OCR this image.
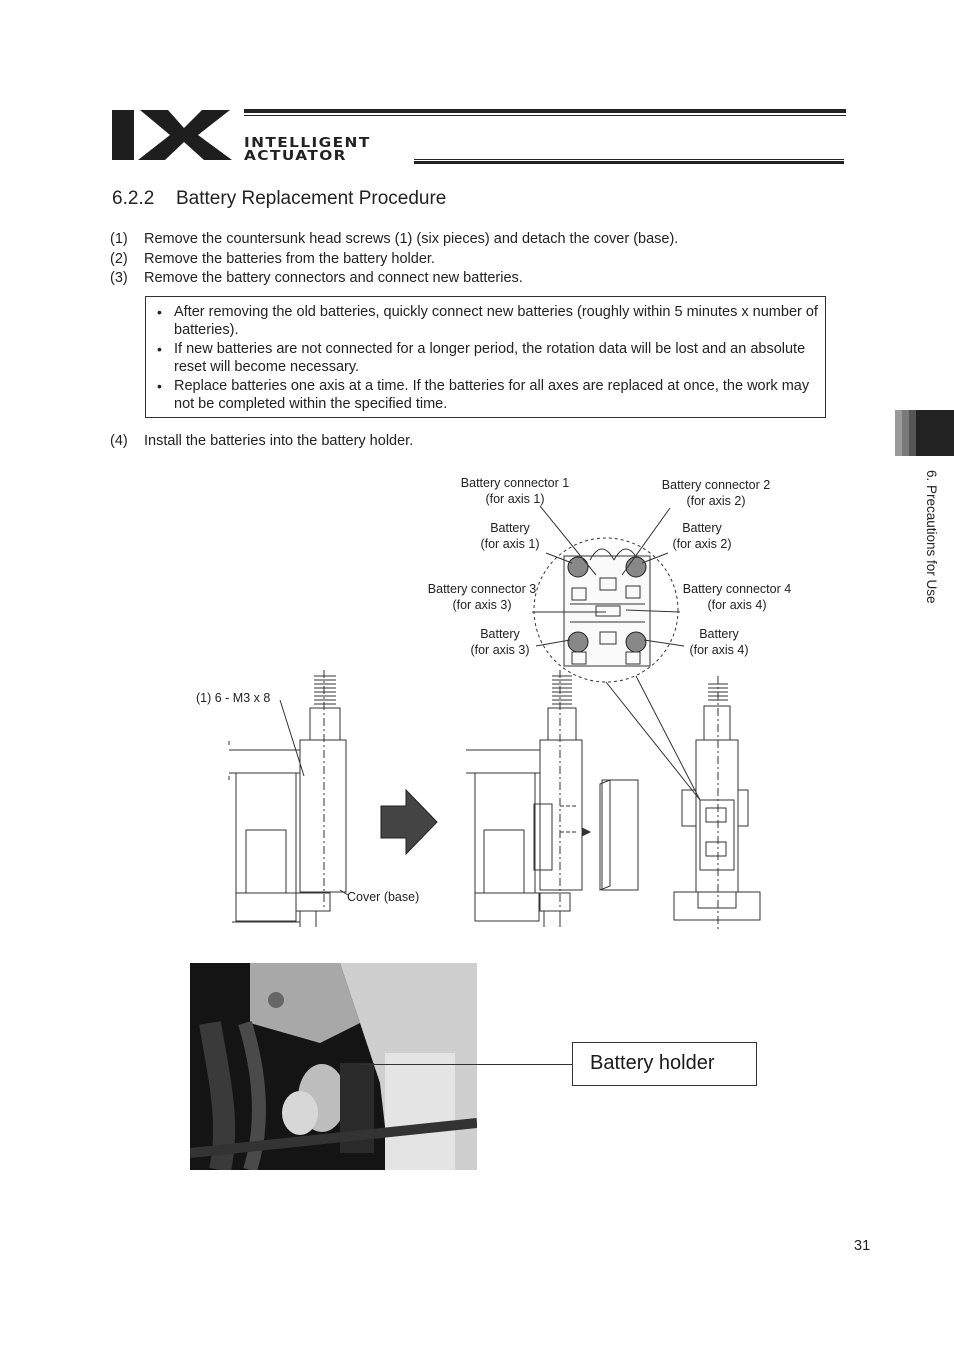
INTELLIGENT
ACTUATOR
6.2.2 Battery Replacement Procedure
(1) Remove the countersunk head screws (1) (six pieces) and detach the cover (base).
(2) Remove the batteries from the battery holder.
(3) Remove the battery connectors and connect new batteries.
• After removing the old batteries, quickly connect new batteries (roughly within 5 minutes x number of batteries).
• If new batteries are not connected for a longer period, the rotation data will be lost and an absolute reset will become necessary.
• Replace batteries one axis at a time. If the batteries for all axes are replaced at once, the work may not be completed within the specified time.
(4) Install the batteries into the battery holder.
6. Precautions for Use
Battery connector 1
(for axis 1)
Battery connector 2
(for axis 2)
Battery
(for axis 1)
Battery
(for axis 2)
Battery connector 3
(for axis 3)
Battery connector 4
(for axis 4)
Battery
(for axis 3)
Battery
(for axis 4)
(1) 6 - M3 x 8
Cover (base)
Battery holder
31
